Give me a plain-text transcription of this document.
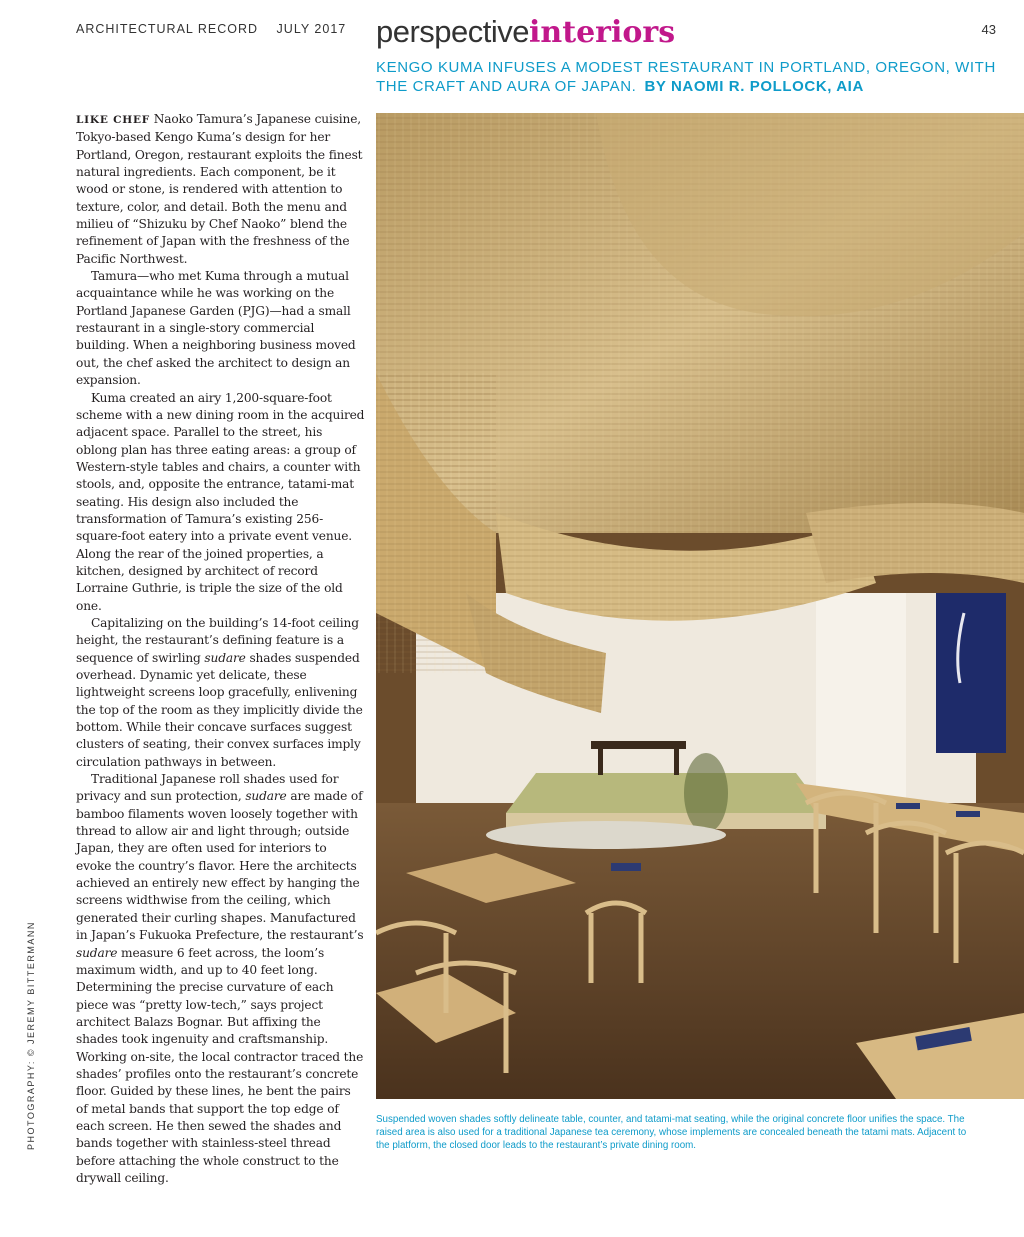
ARCHITECTURAL RECORD JULY 2017	43
perspectiveinteriors
KENGO KUMA INFUSES A MODEST RESTAURANT IN PORTLAND, OREGON, WITH THE CRAFT AND AURA OF JAPAN. BY NAOMI R. POLLOCK, AIA

LIKE CHEF Naoko Tamura’s Japanese cuisine, Tokyo-based Kengo Kuma’s design for her Portland, Oregon, restaurant exploits the finest natural ingredients. Each component, be it wood or stone, is rendered with attention to texture, color, and detail. Both the menu and milieu of “Shizuku by Chef Naoko” blend the refinement of Japan with the freshness of the Pacific Northwest.

Tamura—who met Kuma through a mutual acquaintance while he was working on the Portland Japanese Garden (PJG)—had a small restaurant in a single-story commercial building. When a neighboring business moved out, the chef asked the architect to design an expansion.

Kuma created an airy 1,200-square-foot scheme with a new dining room in the acquired adjacent space. Parallel to the street, his oblong plan has three eating areas: a group of Western-style tables and chairs, a counter with stools, and, opposite the entrance, tatami-mat seating. His design also included the transformation of Tamura’s existing 256-square-foot eatery into a private event venue. Along the rear of the joined properties, a kitchen, designed by architect of record Lorraine Guthrie, is triple the size of the old one.

Capitalizing on the building’s 14-foot ceiling height, the restaurant’s defining feature is a sequence of swirling sudare shades suspended overhead. Dynamic yet delicate, these lightweight screens loop gracefully, enlivening the top of the room as they implicitly divide the bottom. While their concave surfaces suggest clusters of seating, their convex surfaces imply circulation pathways in between.

Traditional Japanese roll shades used for privacy and sun protection, sudare are made of bamboo filaments woven loosely together with thread to allow air and light through; outside Japan, they are often used for interiors to evoke the country’s flavor. Here the architects achieved an entirely new effect by hanging the screens widthwise from the ceiling, which generated their curling shapes. Manufactured in Japan’s Fukuoka Prefecture, the restaurant’s sudare measure 6 feet across, the loom’s maximum width, and up to 40 feet long. Determining the precise curvature of each piece was “pretty low-tech,” says project architect Balazs Bognar. But affixing the shades took ingenuity and craftsmanship. Working on-site, the local contractor traced the shades’ profiles onto the restaurant’s concrete floor. Guided by these lines, he bent the pairs of metal bands that support the top edge of each screen. He then sewed the shades and bands together with stainless-steel thread before attaching the whole construct to the drywall ceiling.

PHOTOGRAPHY: © JEREMY BITTERMANN	Suspended woven shades softly delineate table, counter, and tatami-mat seating, while the original concrete floor unifies the space. The raised area is also used for a traditional Japanese tea ceremony, whose implements are concealed beneath the tatami mats. Adjacent to the platform, the closed door leads to the restaurant’s private dining room.
